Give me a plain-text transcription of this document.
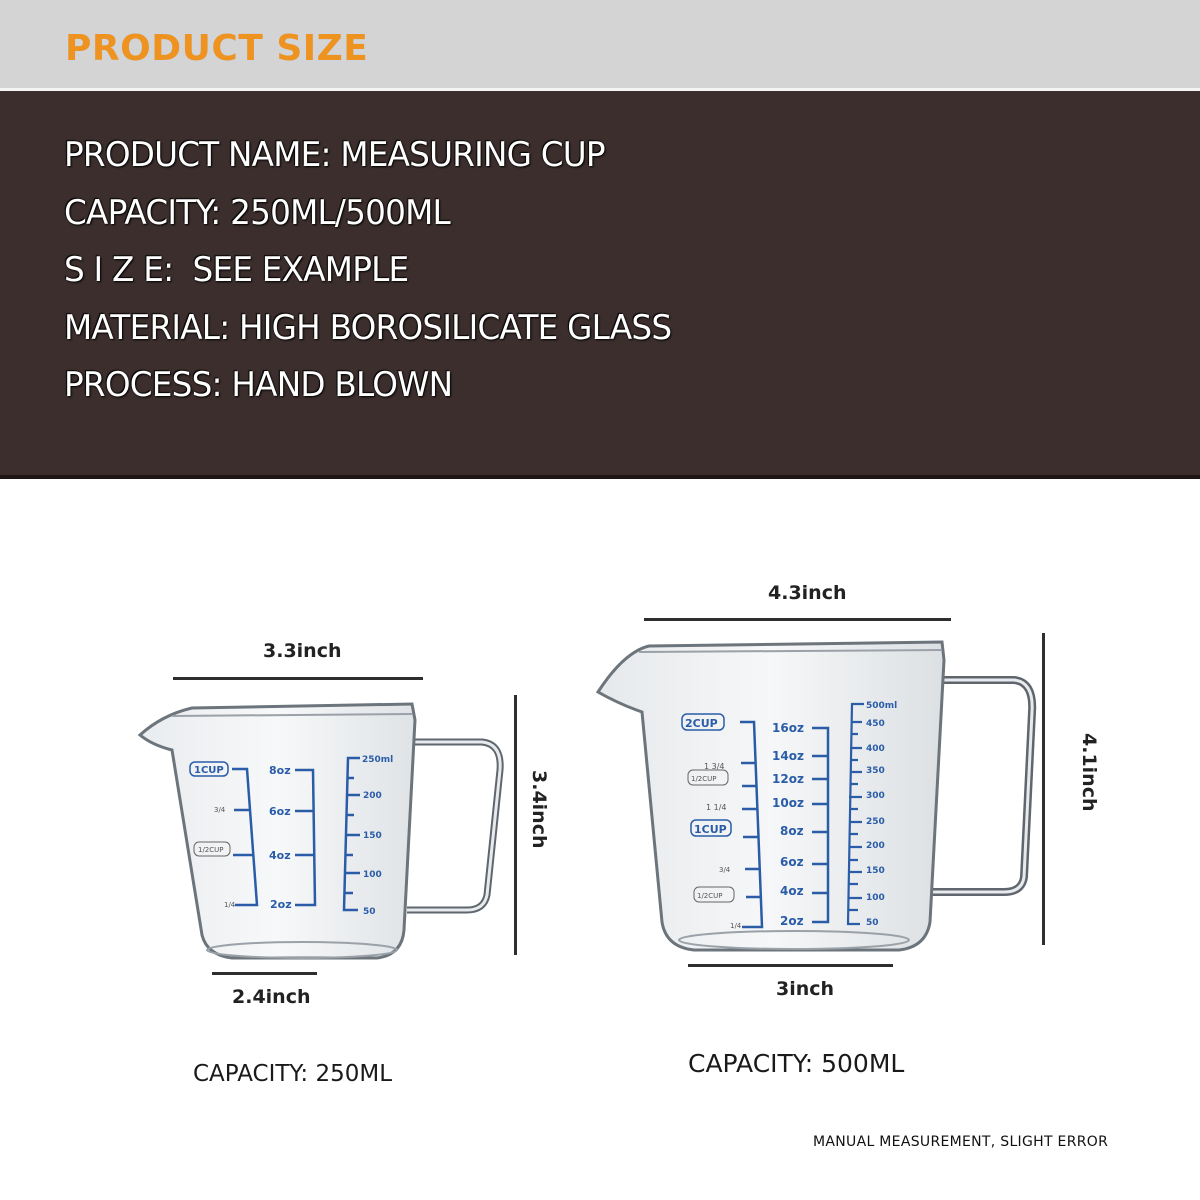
PRODUCT SIZE
PRODUCT NAME: MEASURING CUP
CAPACITY: 250ML/500ML
S I Z E:  SEE EXAMPLE
MATERIAL: HIGH BOROSILICATE GLASS
PROCESS: HAND BLOWN
3.3inch
3.4inch
1CUP
3/4
1/2CUP
1/4
8oz
6oz
4oz
2oz
250ml
200
150
100
50
2.4inch
CAPACITY: 250ML
4.3inch
4.1inch
2CUP
1 3/4
1/2CUP
1 1/4
1CUP
3/4
1/2CUP
1/4
16oz
14oz
12oz
10oz
8oz
6oz
4oz
2oz
500ml
450
400
350
300
250
200
150
100
50
3inch
CAPACITY: 500ML
MANUAL MEASUREMENT, SLIGHT ERROR
